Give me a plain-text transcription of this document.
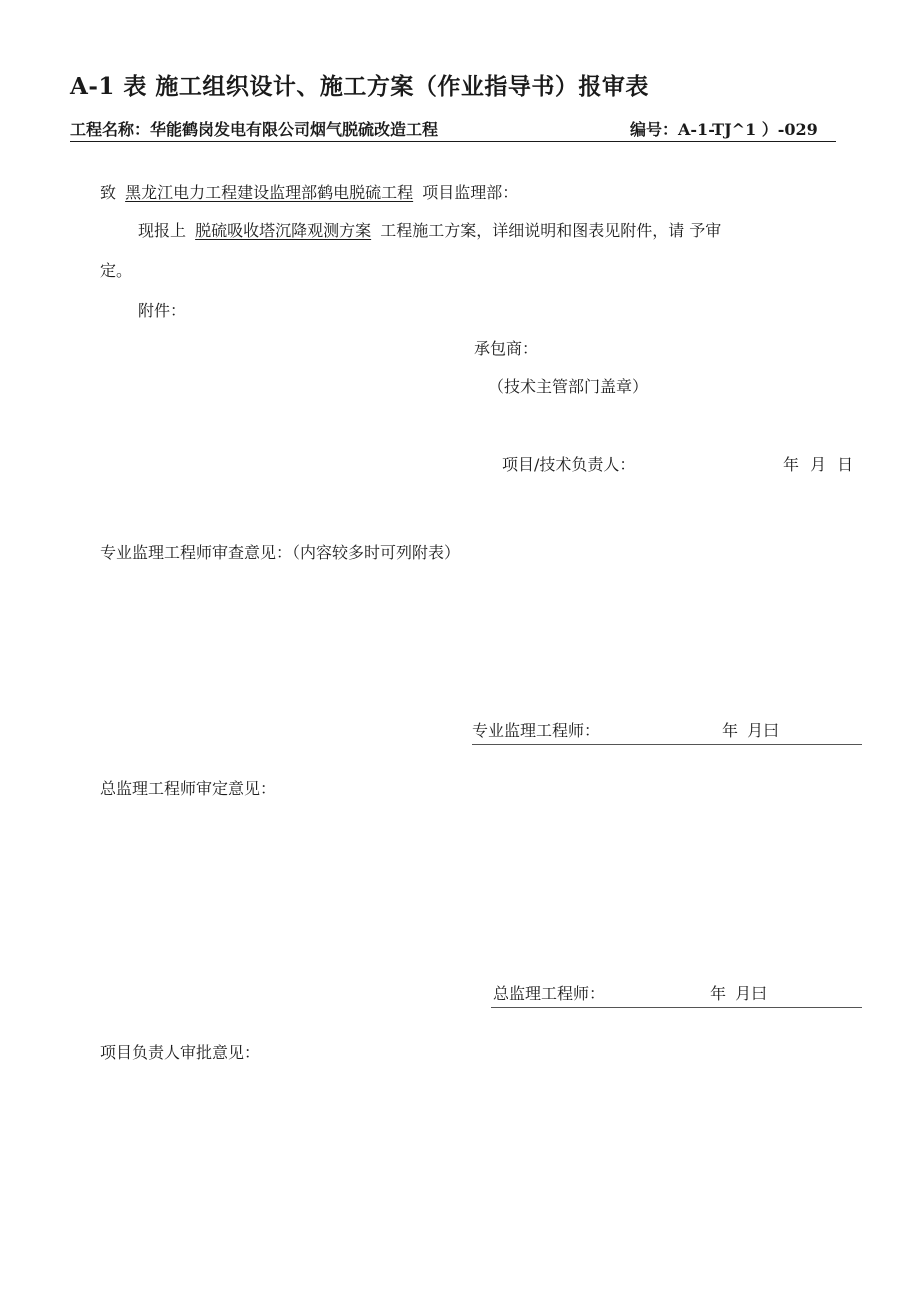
A-1 表 施工组织设计、施工方案（作业指导书）报审表
工程名称：华能鹤岗发电有限公司烟气脱硫改造工程	编号：A-1-TJ^1 ）-029
致 黑龙江电力工程建设监理部鹤电脱硫工程 项目监理部：
现报上 脱硫吸收塔沉降观测方案 工程施工方案，详细说明和图表见附件，请 予审
定。
附件：
承包商：
（技术主管部门盖章）
项目/技术负责人：	年 月 日
专业监理工程师审查意见：（内容较多时可列附表）
专业监理工程师：	年 月曰
总监理工程师审定意见：
总监理工程师：	年 月曰
项目负责人审批意见：
